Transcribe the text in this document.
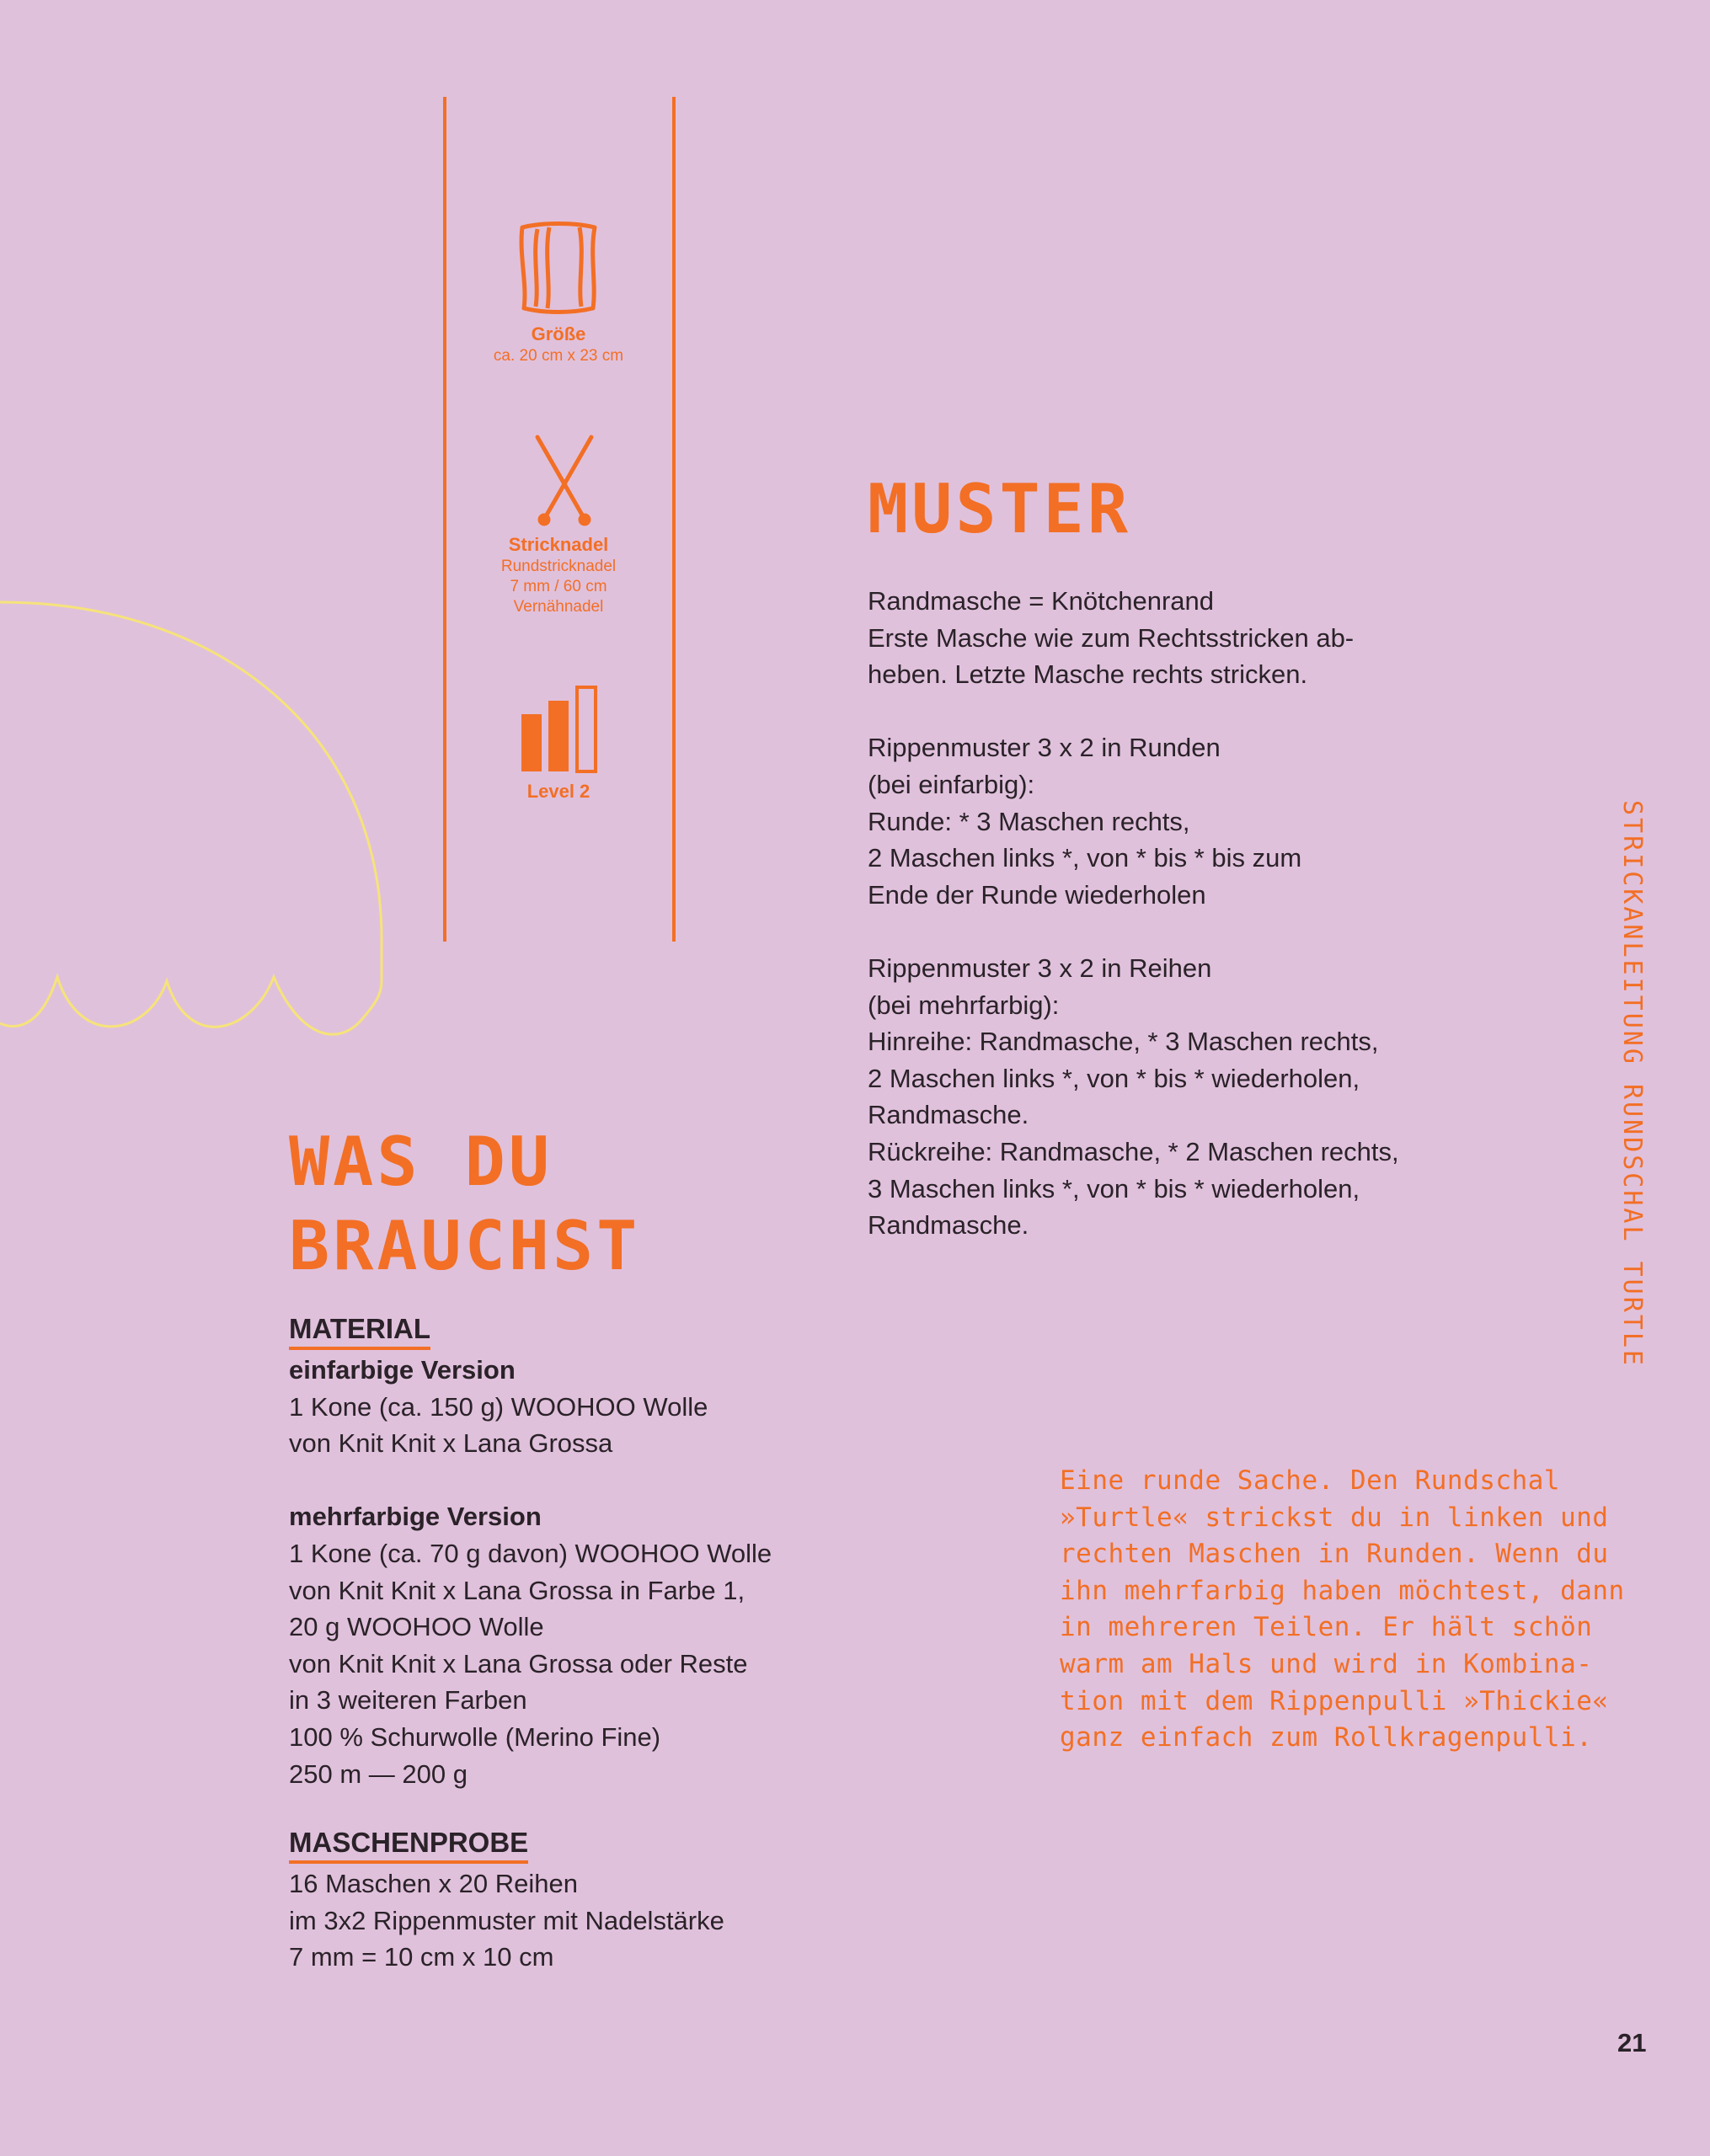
Größe
ca. 20 cm x 23 cm
Stricknadel
Rundstricknadel
7 mm / 60 cm
Vernähnadel
Level 2
MUSTER

Randmasche = Knötchenrand

Erste Masche wie zum Rechtsstricken ab-

heben. Letzte Masche rechts stricken.

Rippenmuster 3 x 2 in Runden

(bei einfarbig):

Runde: * 3 Maschen rechts,

2 Maschen links *, von * bis * bis zum

Ende der Runde wiederholen

Rippenmuster 3 x 2 in Reihen

(bei mehrfarbig):

Hinreihe: Randmasche, * 3 Maschen rechts,

2 Maschen links *, von * bis * wiederholen,

Randmasche.

Rückreihe: Randmasche, * 2 Maschen rechts,

3 Maschen links *, von * bis * wiederholen,

Randmasche.	STRICKANLEITUNG RUNDSCHAL TURTLE
WAS DU
BRAUCHST
MATERIAL

einfarbige Version

1 Kone (ca. 150 g) WOOHOO Wolle

von Knit Knit x Lana Grossa

mehrfarbige Version

1 Kone (ca. 70 g davon) WOOHOO Wolle

von Knit Knit x Lana Grossa in Farbe 1,

20 g WOOHOO Wolle

von Knit Knit x Lana Grossa oder Reste

in 3 weiteren Farben

100 % Schurwolle (Merino Fine)

250 m — 200 g

MASCHENPROBE

16 Maschen x 20 Reihen

im 3x2 Rippenmuster mit Nadelstärke

7 mm = 10 cm x 10 cm

Eine runde Sache. Den Rundschal

»Turtle« strickst du in linken und

rechten Maschen in Runden. Wenn du

ihn mehrfarbig haben möchtest, dann

in mehreren Teilen. Er hält schön

warm am Hals und wird in Kombina-

tion mit dem Rippenpulli »Thickie«

ganz einfach zum Rollkragenpulli.

21
